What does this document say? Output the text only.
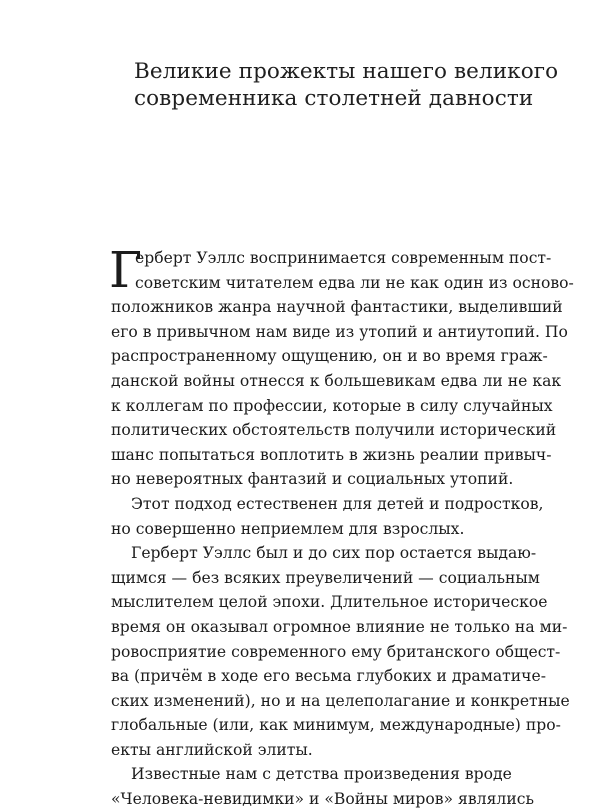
Великие прожекты нашего великого
современника столетней давности
Г
ерберт Уэллс воспринимается современным пост-
советским читателем едва ли не как один из осново-
положников жанра научной фантастики, выделивший
его в привычном нам виде из утопий и антиутопий. По
распространенному ощущению, он и во время граж-
данской войны отнесся к большевикам едва ли не как
к коллегам по профессии, которые в силу случайных
политических обстоятельств получили исторический
шанс попытаться воплотить в жизнь реалии привыч-
но невероятных фантазий и социальных утопий.
Этот подход естественен для детей и подростков,
но совершенно неприемлем для взрослых.
Герберт Уэллс был и до сих пор остается выдаю-
щимся — без всяких преувеличений — социальным
мыслителем целой эпохи. Длительное историческое
время он оказывал огромное влияние не только на ми-
ровосприятие современного ему британского общест-
ва (причём в ходе его весьма глубоких и драматиче-
ских изменений), но и на целеполагание и конкретные
глобальные (или, как минимум, международные) про-
екты английской элиты.
Известные нам с детства произведения вроде
«Человека-невидимки» и «Войны миров» являлись
